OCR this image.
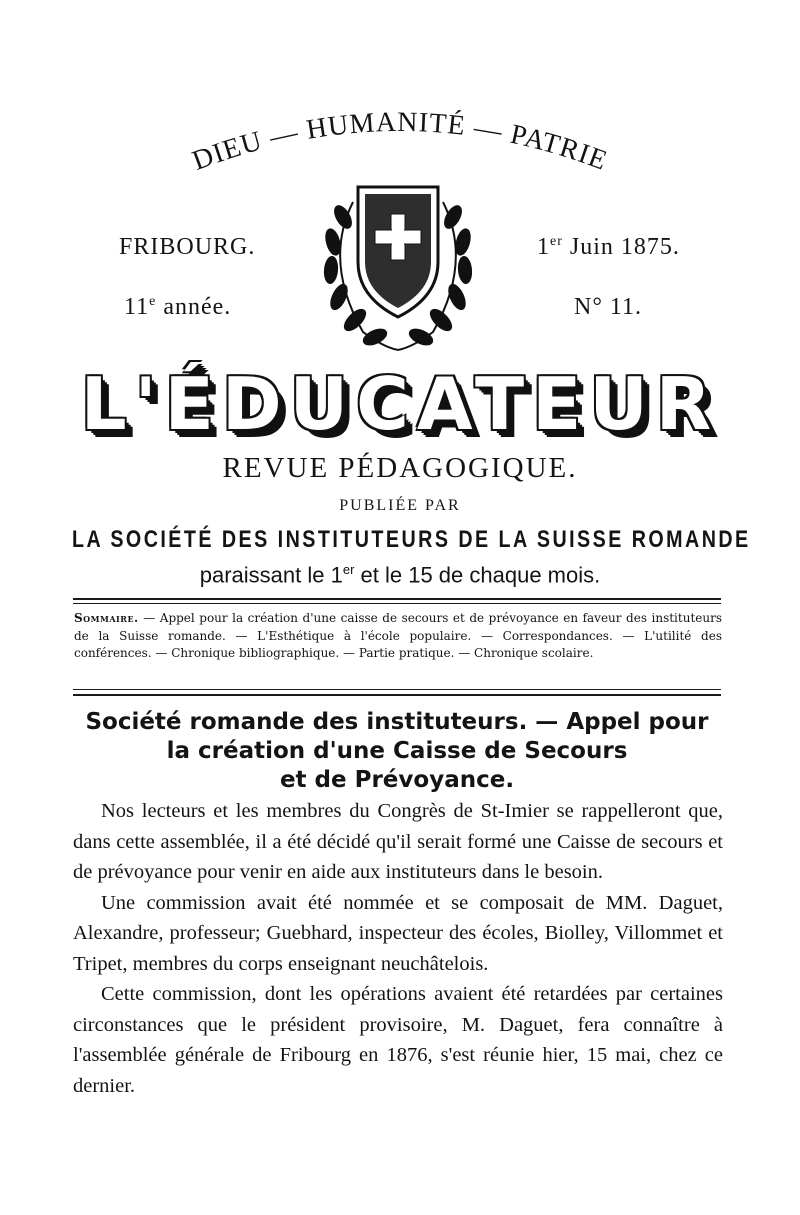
DIEU — HUMANITÉ — PATRIE
FRIBOURG.	1er Juin 1875.
11e année.	N° 11.
L'ÉDUCATEUR
REVUE PÉDAGOGIQUE.
PUBLIÉE PAR
LA SOCIÉTÉ DES INSTITUTEURS DE LA SUISSE ROMANDE
paraissant le 1er et le 15 de chaque mois.
Sommaire. — Appel pour la création d'une caisse de secours et de prévoyance en faveur des instituteurs de la Suisse romande. — L'Esthétique à l'école populaire. — Correspondances. — L'utilité des conférences. — Chronique bibliographique. — Partie pratique. — Chronique scolaire.
Société romande des instituteurs. — Appel pour
la création d'une Caisse de Secours
et de Prévoyance.

Nos lecteurs et les membres du Congrès de St-Imier se rappelleront que, dans cette assemblée, il a été décidé qu'il serait formé une Caisse de secours et de prévoyance pour venir en aide aux instituteurs dans le besoin.

Une commission avait été nommée et se composait de MM. Daguet, Alexandre, professeur; Guebhard, inspecteur des écoles, Biolley, Villommet et Tripet, membres du corps enseignant neuchâtelois.

Cette commission, dont les opérations avaient été retardées par certaines circonstances que le président provisoire, M. Daguet, fera connaître à l'assemblée générale de Fribourg en 1876, s'est réunie hier, 15 mai, chez ce dernier.
